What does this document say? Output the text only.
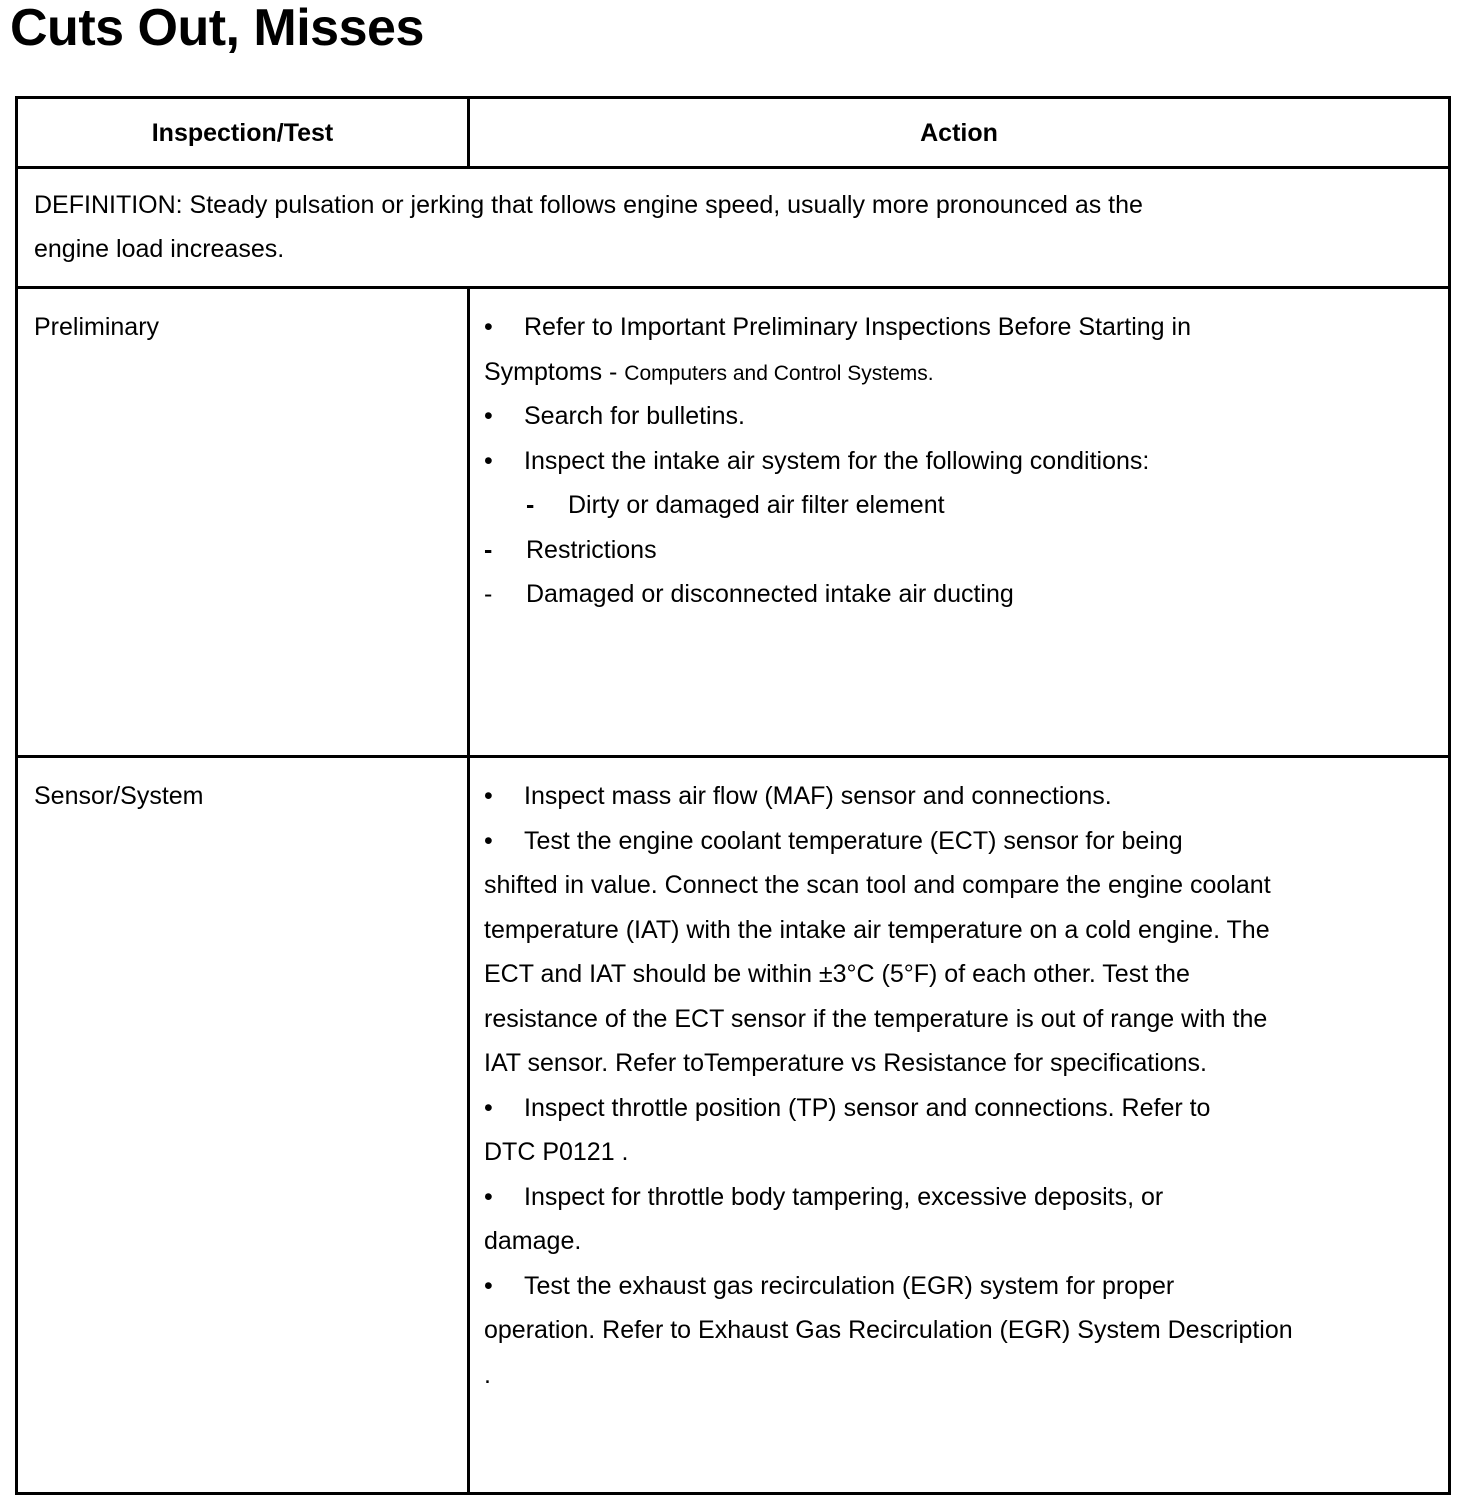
Cuts Out, Misses
Inspection/Test	Action
DEFINITION: Steady pulsation or jerking that follows engine speed, usually more pronounced as the
engine load increases.
Preliminary	• Refer to Important Preliminary Inspections Before Starting in
Symptoms - Computers and Control Systems.
• Search for bulletins.
• Inspect the intake air system for the following conditions:
- Dirty or damaged air filter element
- Restrictions
- Damaged or disconnected intake air ducting
Sensor/System	• Inspect mass air flow (MAF) sensor and connections.
• Test the engine coolant temperature (ECT) sensor for being
shifted in value. Connect the scan tool and compare the engine coolant
temperature (IAT) with the intake air temperature on a cold engine. The
ECT and IAT should be within ±3°C (5°F) of each other. Test the
resistance of the ECT sensor if the temperature is out of range with the
IAT sensor. Refer toTemperature vs Resistance for specifications.
• Inspect throttle position (TP) sensor and connections. Refer to
DTC P0121 .
• Inspect for throttle body tampering, excessive deposits, or
damage.
• Test the exhaust gas recirculation (EGR) system for proper
operation. Refer to Exhaust Gas Recirculation (EGR) System Description
.
